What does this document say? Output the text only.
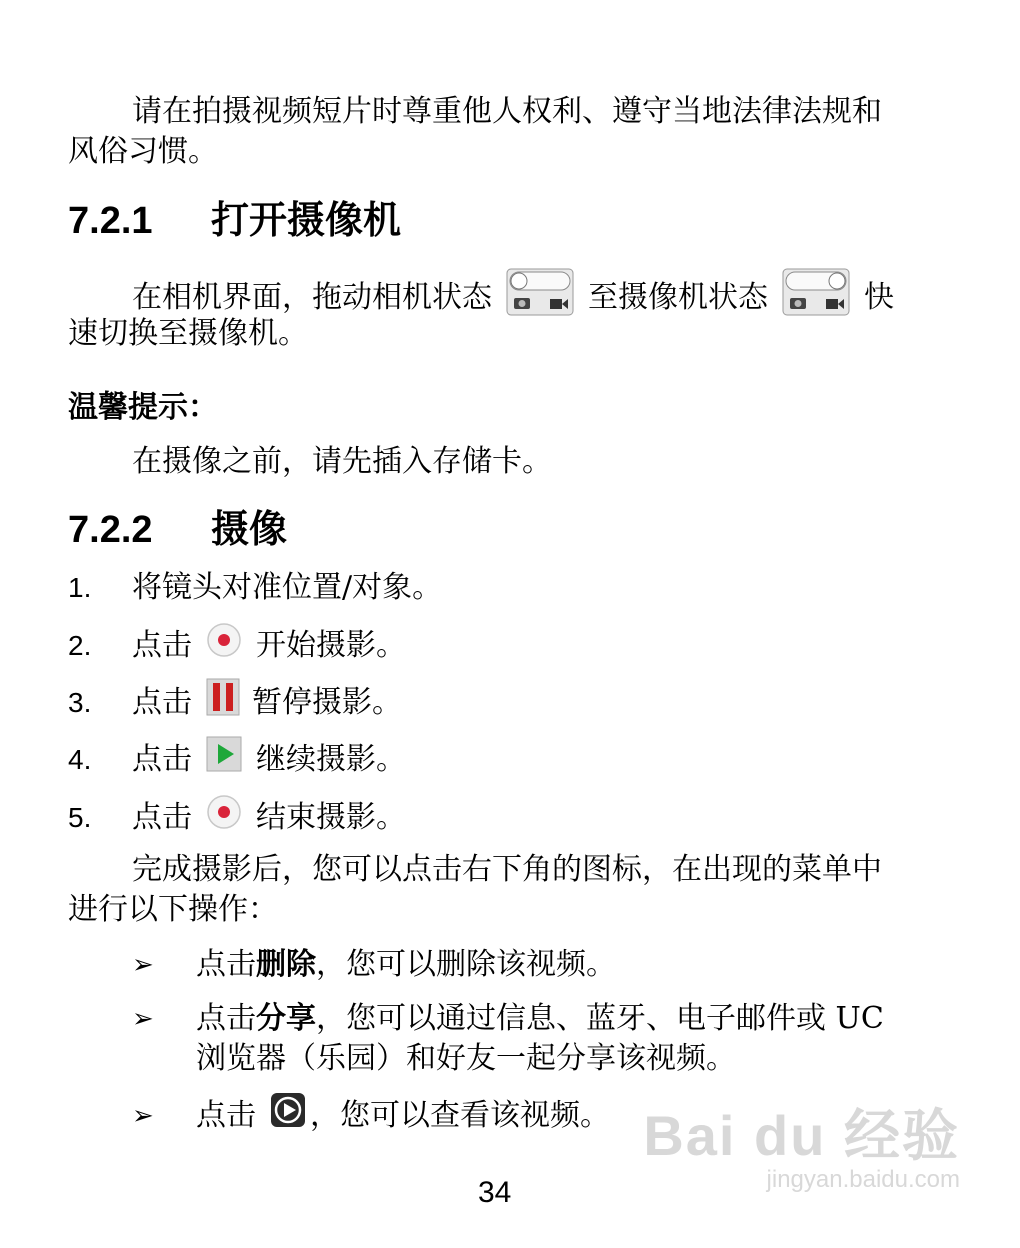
请在拍摄视频短片时尊重他人权利、遵守当地法律法规和
风俗习惯。
7.2.1 打开摄像机
在相机界面，拖动相机状态	至摄像机状态	快
速切换至摄像机。
温馨提示：
在摄像之前，请先插入存储卡。
7.2.2 摄像
1.	将镜头对准位置/对象。
2.	点击 开始摄影。
3.	点击 暂停摄影。
4.	点击 继续摄影。
5.	点击 结束摄影。
完成摄影后，您可以点击右下角的图标，在出现的菜单中
进行以下操作：
➢	点击 删除 ，您可以删除该视频。
➢	点击分享，您可以通过信息、蓝牙、电子邮件或 UC
浏览器（乐园）和好友一起分享该视频。
➢	点击 ，您可以查看该视频。
34
Bai du 经验
jingyan.baidu.com
